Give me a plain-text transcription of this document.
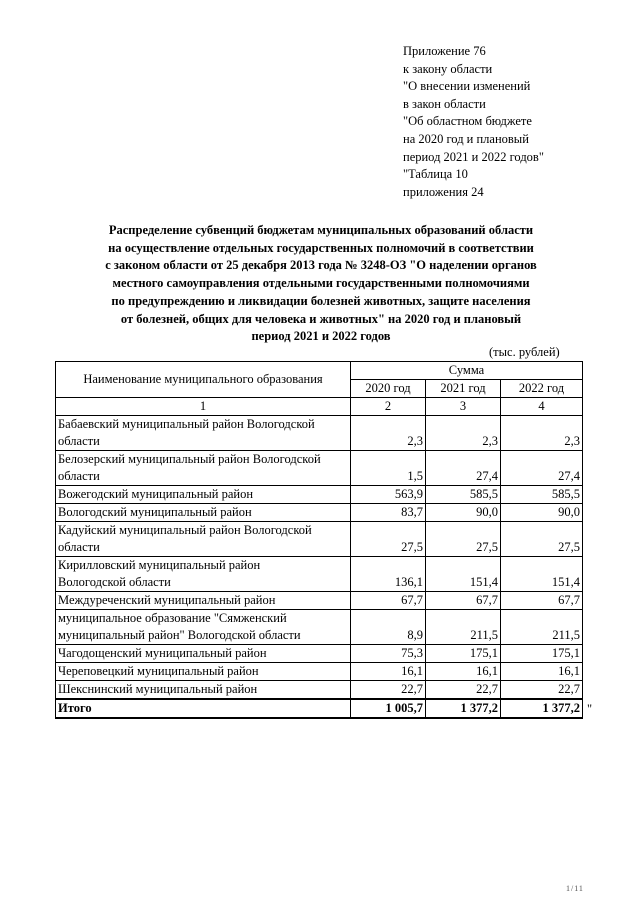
Приложение 76
к закону области
"О внесении изменений
в закон области
"Об областном бюджете
на 2020 год и плановый
период 2021 и 2022 годов"
"Таблица 10
приложения 24
Распределение субвенций бюджетам муниципальных образований области
на осуществление отдельных государственных полномочий в соответствии
с законом области от 25 декабря 2013 года № 3248-ОЗ "О наделении органов
местного самоуправления отдельными государственными полномочиями
по предупреждению и ликвидации болезней животных, защите населения
от болезней, общих для человека и животных" на 2020 год и плановый
период 2021 и 2022 годов
(тыс. рублей)
Наименование муниципального образования	Сумма		
	2020 год	2021 год	2022 год
1	2	3	4

Бабаевский муниципальный район Вологодской
области	2,3	2,3	2,3

Белозерский муниципальный район Вологодской
области	1,5	27,4	27,4

Вожегодский муниципальный район	563,9	585,5	585,5

Вологодский муниципальный район	83,7	90,0	90,0

Кадуйский муниципальный район Вологодской
области	27,5	27,5	27,5

Кирилловский муниципальный район
Вологодской области	136,1	151,4	151,4

Междуреченский муниципальный район	67,7	67,7	67,7

муниципальное образование "Сямженский
муниципальный район" Вологодской области	8,9	211,5	211,5

Чагодощенский муниципальный район	75,3	175,1	175,1

Череповецкий муниципальный район	16,1	16,1	16,1

Шекснинский муниципальный район	22,7	22,7	22,7
Итого	1 005,7	1 377,2	1 377,2 "
1/11
